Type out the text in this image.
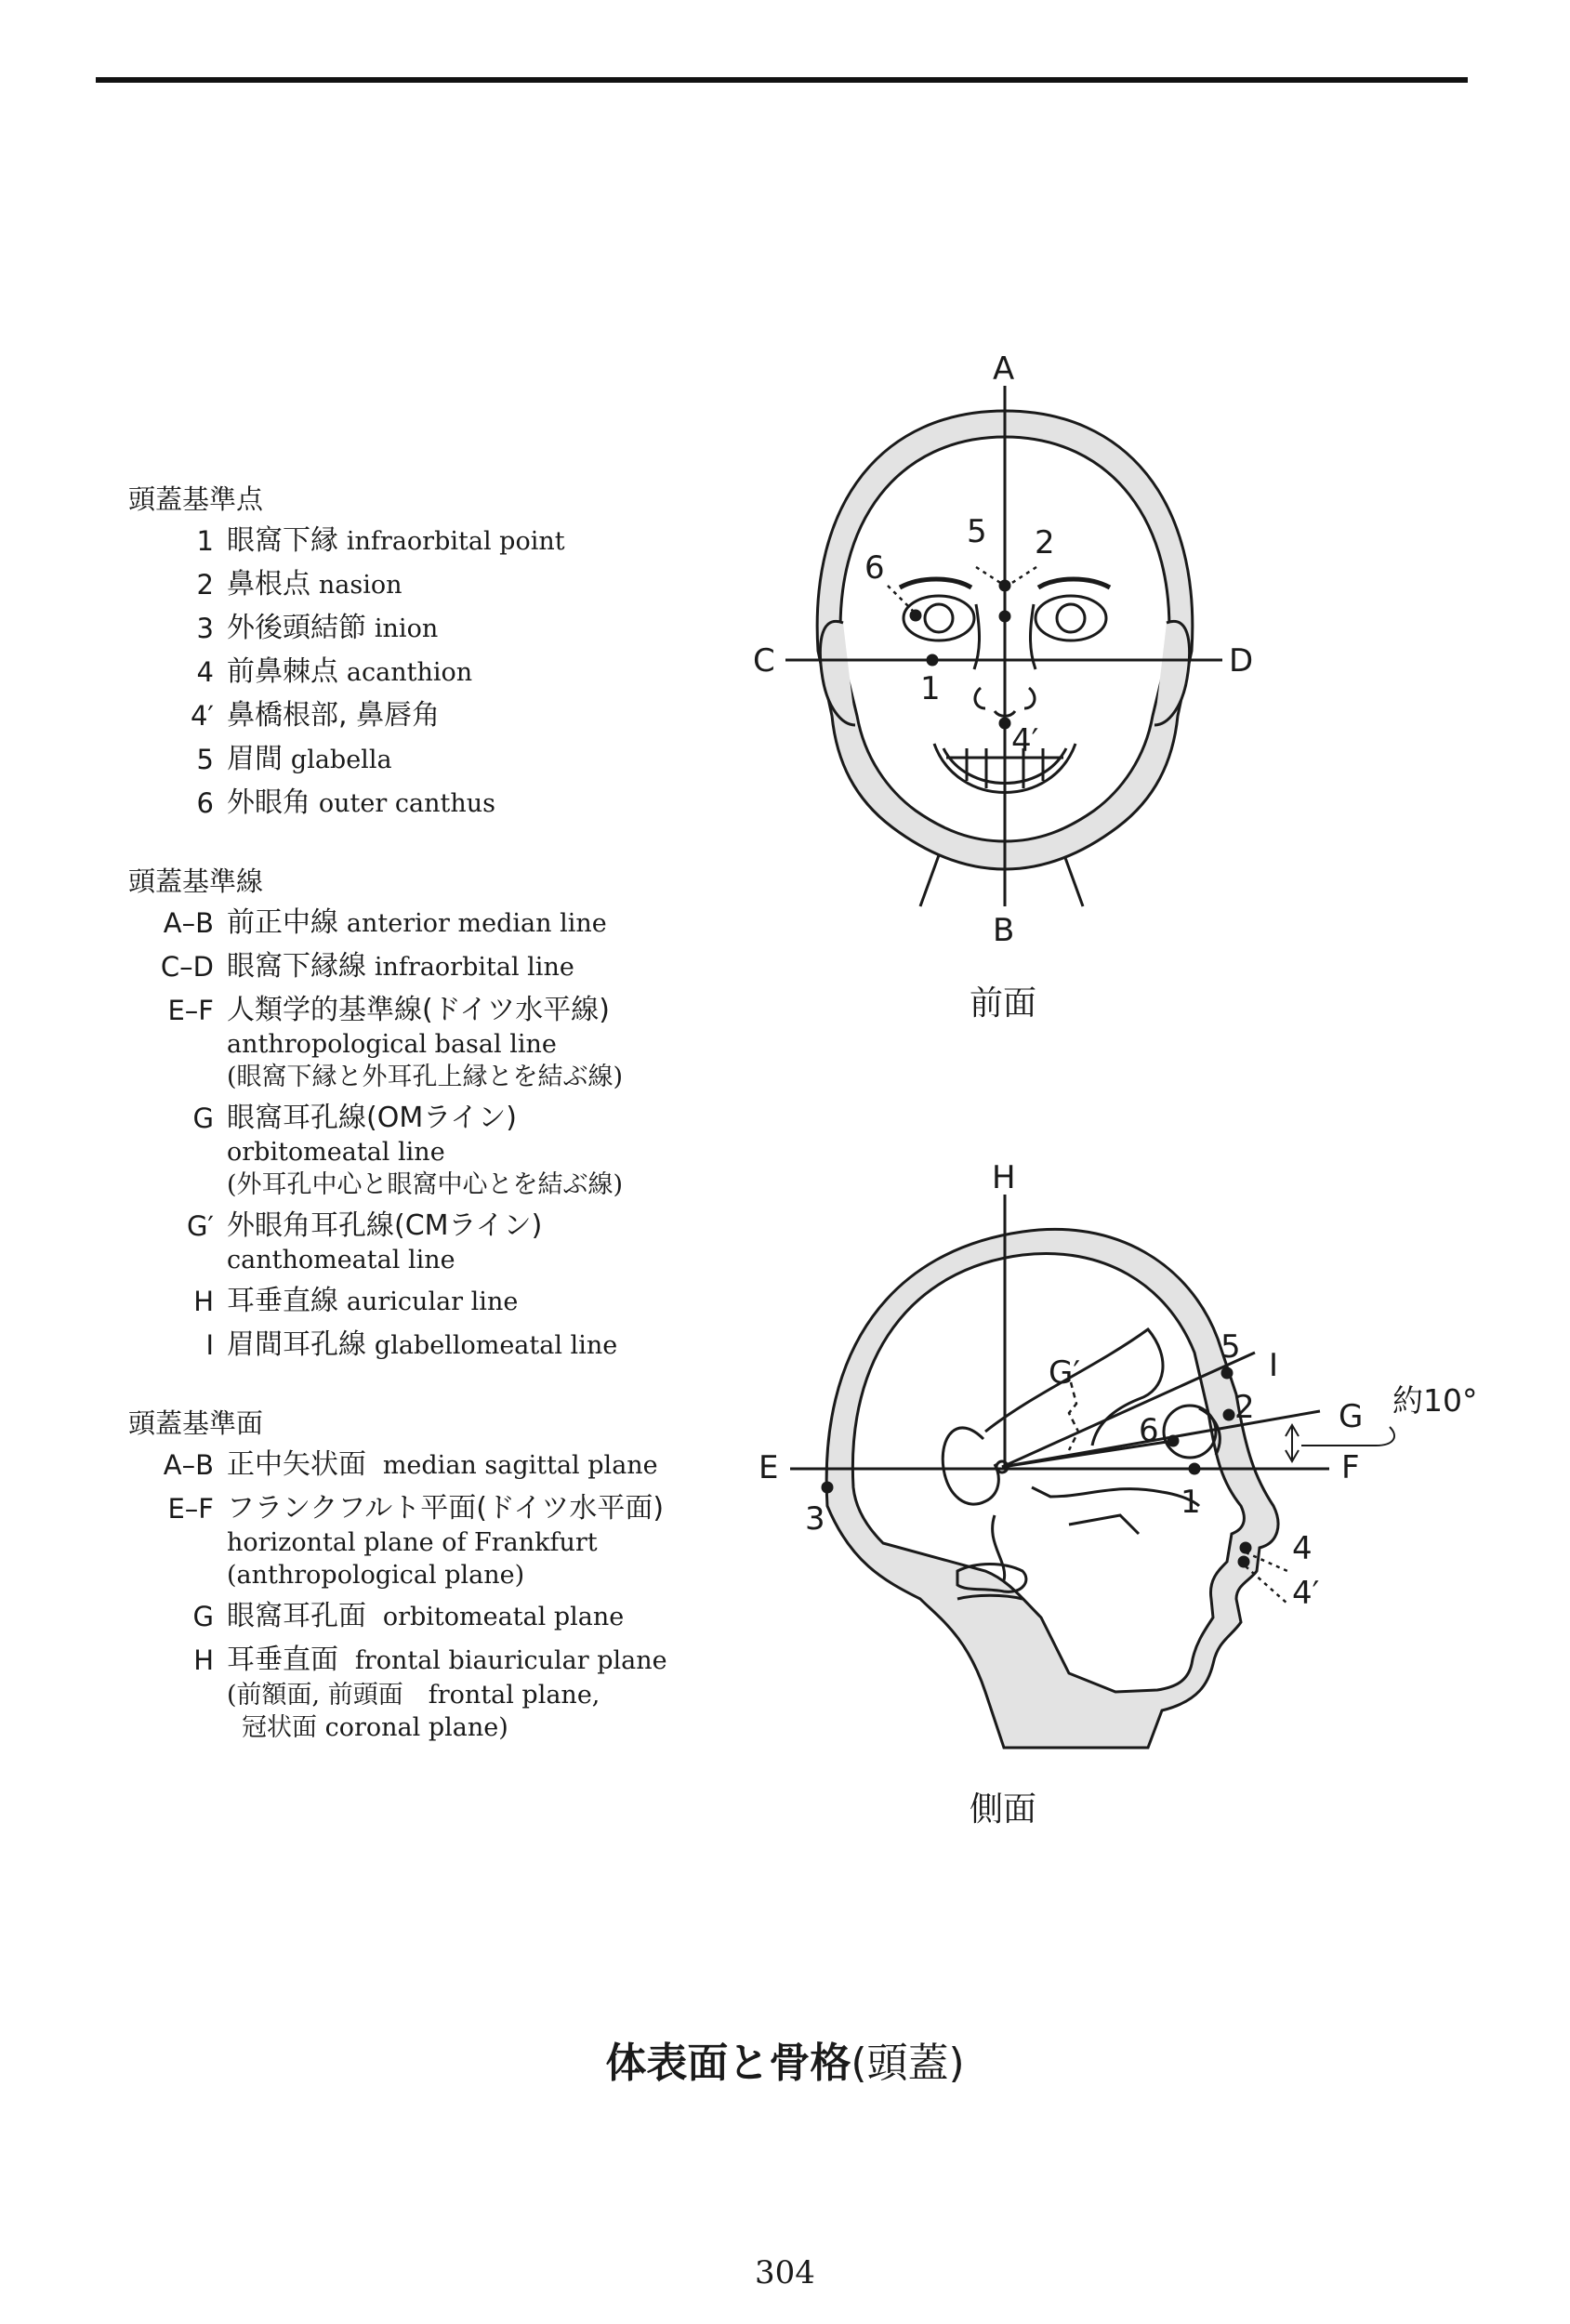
頭蓋基準点
1 眼窩下縁 infraorbital point
2 鼻根点 nasion
3 外後頭結節 inion
4 前鼻棘点 acanthion
4′ 鼻橋根部, 鼻唇角
5 眉間 glabella
6 外眼角 outer canthus
頭蓋基準線
A–B 前正中線 anterior median line
C–D 眼窩下縁線 infraorbital line
E–F 人類学的基準線(ドイツ水平線)
anthropological basal line
(眼窩下縁と外耳孔上縁とを結ぶ線)
G 眼窩耳孔線(OMライン)
orbitomeatal line
(外耳孔中心と眼窩中心とを結ぶ線)
G′ 外眼角耳孔線(CMライン)
canthomeatal line
H 耳垂直線 auricular line
I 眉間耳孔線 glabellomeatal line
頭蓋基準面
A–B 正中矢状面 median sagittal plane
E–F フランクフルト平面(ドイツ水平面)
horizontal plane of Frankfurt
(anthropological plane)
G 眼窩耳孔面 orbitomeatal plane
H 耳垂直面 frontal biauricular plane
(前額面, 前頭面　frontal plane,
冠状面 coronal plane)
A
B
C	D
1
2
5
6
4′
H
E	F
G
I
G′
5
2
6
1
3
4
4′
約10°
前面
側面
体表面と骨格(頭蓋)
304
